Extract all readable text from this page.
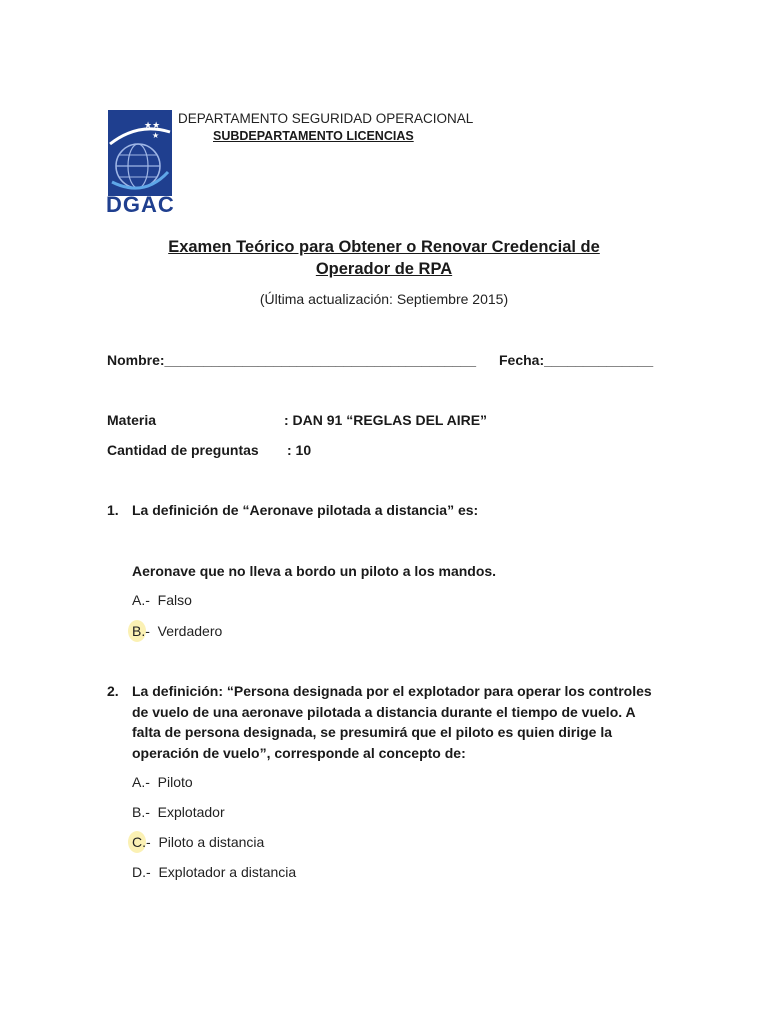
★★
★
DGAC
DEPARTAMENTO SEGURIDAD OPERACIONAL
SUBDEPARTAMENTO LICENCIAS
Examen Teórico para Obtener o Renovar Credencial de Operador de RPA
(Última actualización: Septiembre 2015)
Nombre:________________________________________ Fecha:______________
Materia	: DAN 91 “REGLAS DEL AIRE”
Cantidad de preguntas : 10
1. La definición de “Aeronave pilotada a distancia” es:
Aeronave que no lleva a bordo un piloto a los mandos.
A.- Falso
B.- Verdadero
2. La definición: “Persona designada por el explotador para operar los controles de vuelo de una aeronave pilotada a distancia durante el tiempo de vuelo. A falta de persona designada, se presumirá que el piloto es quien dirige la operación de vuelo”, corresponde al concepto de:
A.- Piloto
B.- Explotador
C.- Piloto a distancia
D.- Explotador a distancia
